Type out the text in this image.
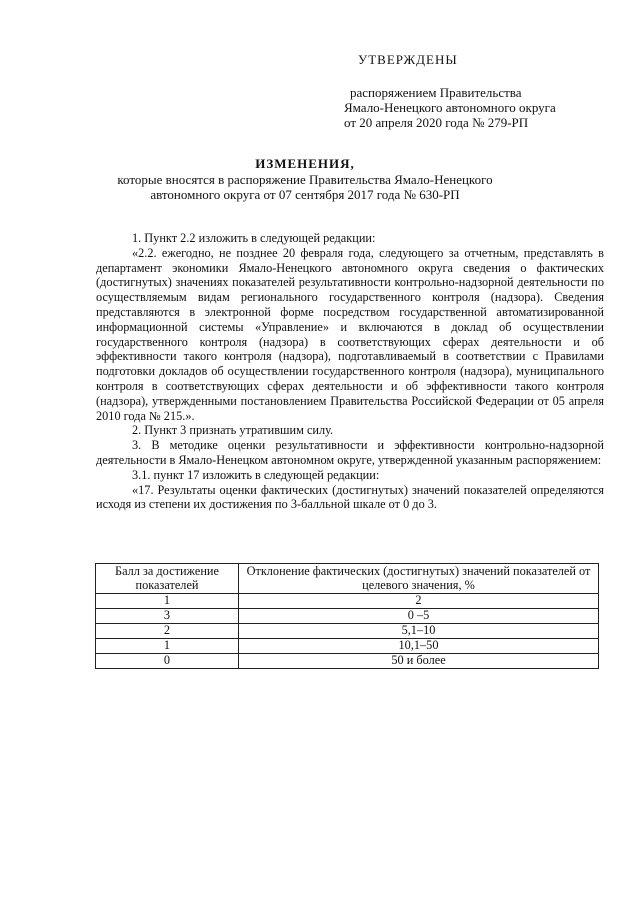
УТВЕРЖДЕНЫ
распоряжением Правительства
Ямало-Ненецкого автономного округа
от 20 апреля 2020 года № 279-РП
ИЗМЕНЕНИЯ,
которые вносятся в распоряжение Правительства Ямало-Ненецкого
автономного округа от 07 сентября 2017 года № 630-РП

1. Пункт 2.2 изложить в следующей редакции:

«2.2. ежегодно, не позднее 20 февраля года, следующего за отчетным, представлять в департамент экономики Ямало-Ненецкого автономного округа сведения о фактических (достигнутых) значениях показателей результативности контрольно-надзорной деятельности по осуществляемым видам регионального государственного контроля (надзора). Сведения представляются в электронной форме посредством государственной автоматизированной информационной системы «Управление» и включаются в доклад об осуществлении государственного контроля (надзора) в соответствующих сферах деятельности и об эффективности такого контроля (надзора), подготавливаемый в соответствии с Правилами подготовки докладов об осуществлении государственного контроля (надзора), муниципального контроля в соответствующих сферах деятельности и об эффективности такого контроля (надзора), утвержденными постановлением Правительства Российской Федерации от 05 апреля 2010 года № 215.».

2. Пункт 3 признать утратившим силу.

3. В методике оценки результативности и эффективности контрольно-надзорной деятельности в Ямало-Ненецком автономном округе, утвержденной указанным распоряжением:

3.1. пункт 17 изложить в следующей редакции:

«17. Результаты оценки фактических (достигнутых) значений показателей определяются исходя из степени их достижения по 3-балльной шкале от 0 до 3.

Балл за достижение показателей	Отклонение фактических (достигнутых) значений показателей от целевого значения, %
1	2
3	0 –5
2	5,1–10
1	10,1–50
0	50 и более
